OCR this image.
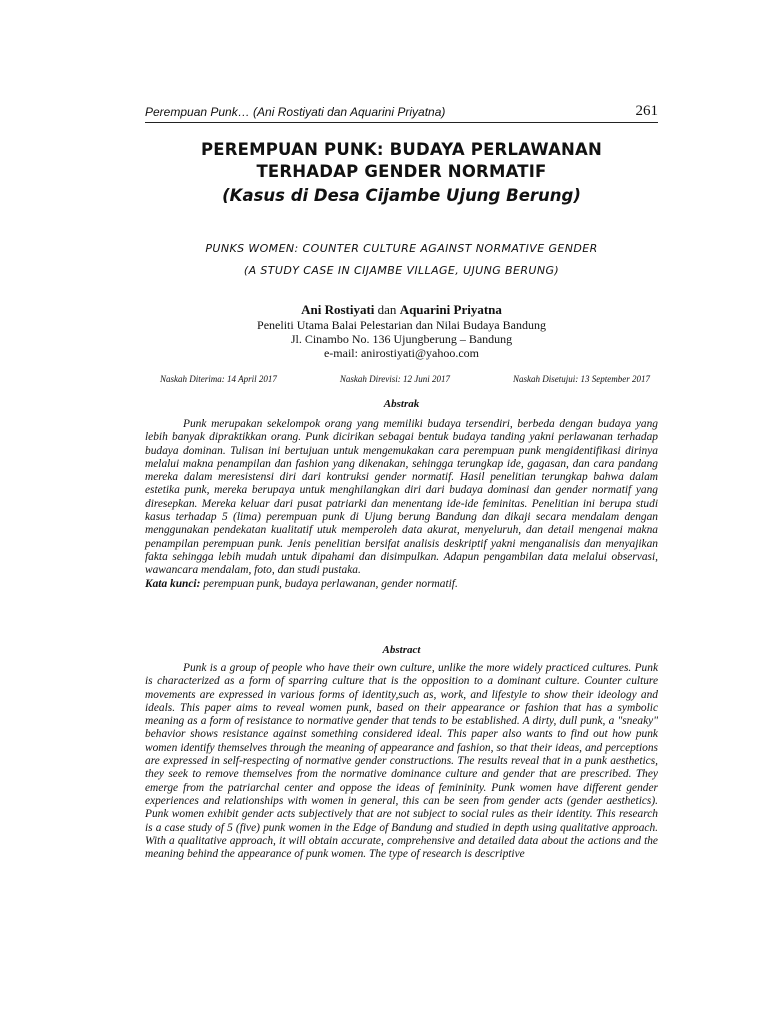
Perempuan Punk… (Ani Rostiyati dan Aquarini Priyatna)	261
PEREMPUAN PUNK: BUDAYA PERLAWANAN
TERHADAP GENDER NORMATIF
(Kasus di Desa Cijambe Ujung Berung)
PUNKS WOMEN: COUNTER CULTURE AGAINST NORMATIVE GENDER
(A STUDY CASE IN CIJAMBE VILLAGE, UJUNG BERUNG)
Ani Rostiyati dan Aquarini Priyatna
Peneliti Utama Balai Pelestarian dan Nilai Budaya Bandung
Jl. Cinambo No. 136 Ujungberung – Bandung
e-mail: anirostiyati@yahoo.com
Naskah Diterima: 14 April 2017	Naskah Direvisi: 12 Juni 2017	Naskah Disetujui: 13 September 2017
Abstrak

Punk merupakan sekelompok orang yang memiliki budaya tersendiri, berbeda dengan budaya yang lebih banyak dipraktikkan orang. Punk dicirikan sebagai bentuk budaya tanding yakni perlawanan terhadap budaya dominan. Tulisan ini bertujuan untuk mengemukakan cara perempuan punk mengidentifikasi dirinya melalui makna penampilan dan fashion yang dikenakan, sehingga terungkap ide, gagasan, dan cara pandang mereka dalam meresistensi diri dari kontruksi gender normatif. Hasil penelitian terungkap bahwa dalam estetika punk, mereka berupaya untuk menghilangkan diri dari budaya dominasi dan gender normatif yang diresepkan. Mereka keluar dari pusat patriarki dan menentang ide-ide feminitas. Penelitian ini berupa studi kasus terhadap 5 (lima) perempuan punk di Ujung berung Bandung dan dikaji secara mendalam dengan menggunakan pendekatan kualitatif utuk memperoleh data akurat, menyeluruh, dan detail mengenai makna penampilan perempuan punk. Jenis penelitian bersifat analisis deskriptif yakni menganalisis dan menyajikan fakta sehingga lebih mudah untuk dipahami dan disimpulkan. Adapun pengambilan data melalui observasi, wawancara mendalam, foto, dan studi pustaka.

Kata kunci: perempuan punk, budaya perlawanan, gender normatif.
Abstract

Punk is a group of people who have their own culture, unlike the more widely practiced cultures. Punk is characterized as a form of sparring culture that is the opposition to a dominant culture. Counter culture movements are expressed in various forms of identity,such as, work, and lifestyle to show their ideology and ideals. This paper aims to reveal women punk, based on their appearance or fashion that has a symbolic meaning as a form of resistance to normative gender that tends to be established. A dirty, dull punk, a "sneaky" behavior shows resistance against something considered ideal. This paper also wants to find out how punk women identify themselves through the meaning of appearance and fashion, so that their ideas, and perceptions are expressed in self-respecting of normative gender constructions. The results reveal that in a punk aesthetics, they seek to remove themselves from the normative dominance culture and gender that are prescribed. They emerge from the patriarchal center and oppose the ideas of femininity. Punk women have different gender experiences and relationships with women in general, this can be seen from gender acts (gender aesthetics). Punk women exhibit gender acts subjectively that are not subject to social rules as their identity. This research is a case study of 5 (five) punk women in the Edge of Bandung and studied in depth using qualitative approach. With a qualitative approach, it will obtain accurate, comprehensive and detailed data about the actions and the meaning behind the appearance of punk women. The type of research is descriptive
